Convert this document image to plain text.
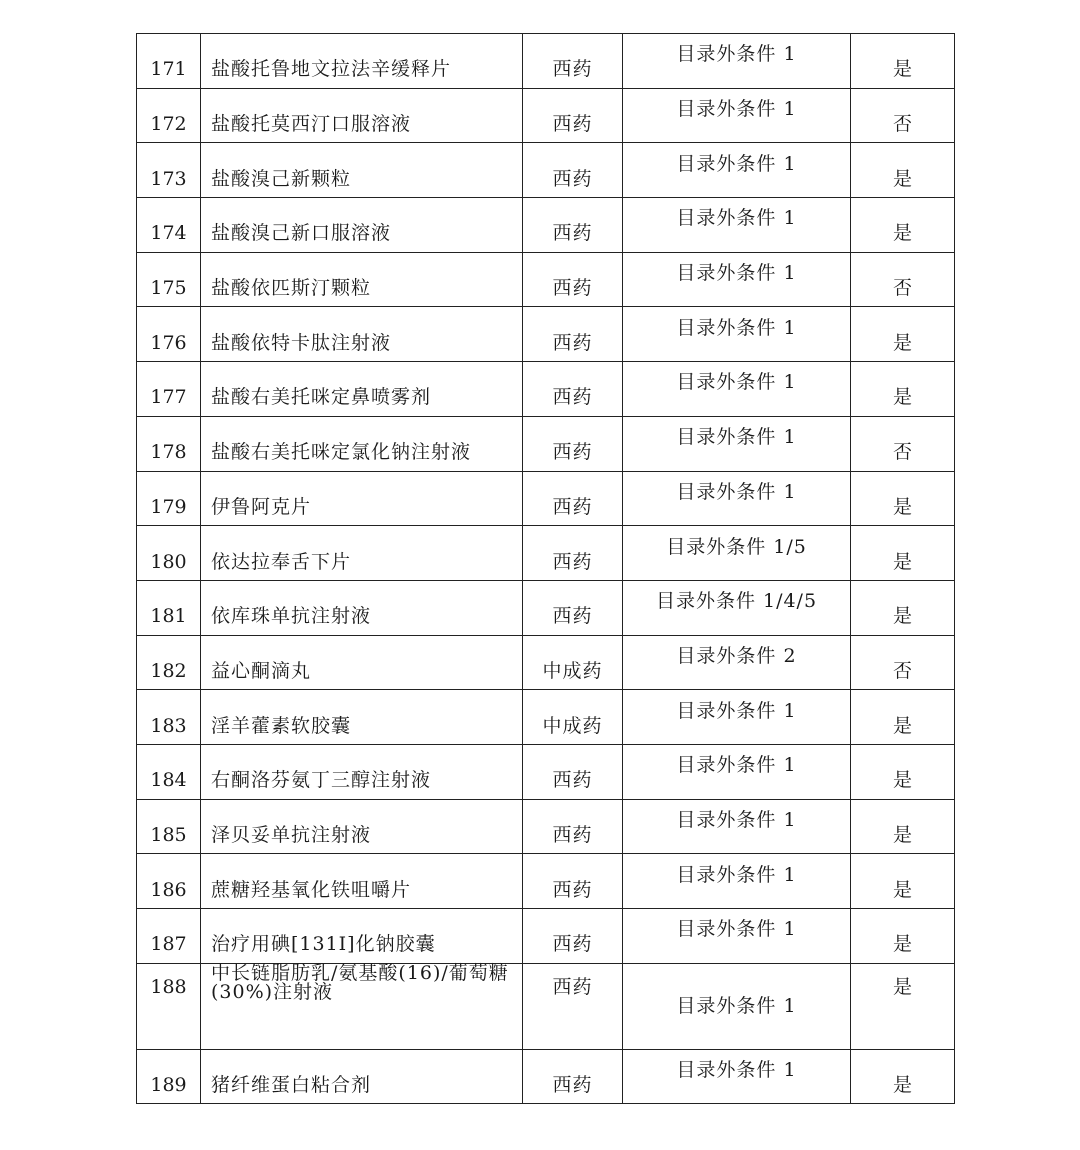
171	盐酸托鲁地文拉法辛缓释片	西药	目录外条件 1	是
172	盐酸托莫西汀口服溶液	西药	目录外条件 1	否
173	盐酸溴己新颗粒	西药	目录外条件 1	是
174	盐酸溴己新口服溶液	西药	目录外条件 1	是
175	盐酸依匹斯汀颗粒	西药	目录外条件 1	否
176	盐酸依特卡肽注射液	西药	目录外条件 1	是
177	盐酸右美托咪定鼻喷雾剂	西药	目录外条件 1	是
178	盐酸右美托咪定氯化钠注射液	西药	目录外条件 1	否
179	伊鲁阿克片	西药	目录外条件 1	是
180	依达拉奉舌下片	西药	目录外条件 1/5	是
181	依库珠单抗注射液	西药	目录外条件 1/4/5	是
182	益心酮滴丸	中成药	目录外条件 2	否
183	淫羊藿素软胶囊	中成药	目录外条件 1	是
184	右酮洛芬氨丁三醇注射液	西药	目录外条件 1	是
185	泽贝妥单抗注射液	西药	目录外条件 1	是
186	蔗糖羟基氧化铁咀嚼片	西药	目录外条件 1	是
187	治疗用碘[131I]化钠胶囊	西药	目录外条件 1	是
188	中长链脂肪乳/氨基酸(16)/葡萄糖(30%)注射液	西药	目录外条件 1	是
189	猪纤维蛋白粘合剂	西药	目录外条件 1	是
